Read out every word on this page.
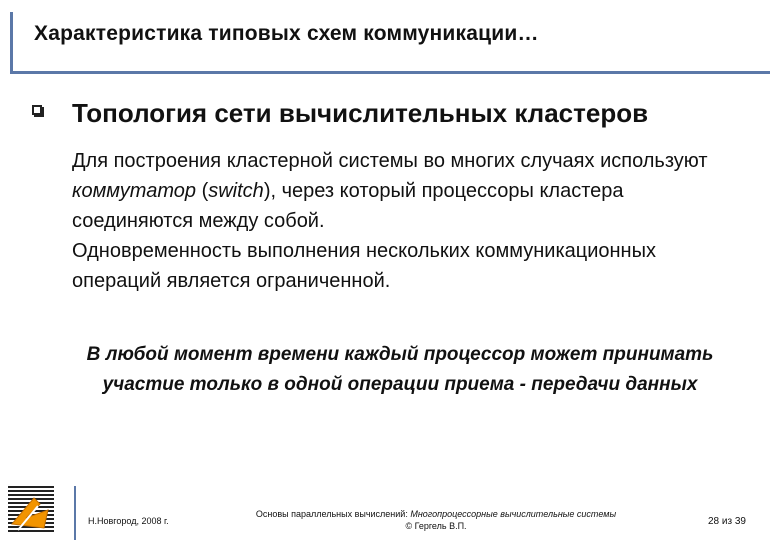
Характеристика типовых схем коммуникации…
Топология сети вычислительных кластеров

Для построения кластерной системы во многих случаях используют коммутатор (switch), через который процессоры кластера соединяются между собой.

Одновременность выполнения нескольких коммуникационных операций является ограниченной.

В любой момент времени каждый процессор может принимать
участие только в одной операции приема - передачи данных
Н.Новгород, 2008 г.
Основы параллельных вычислений: Многопроцессорные вычислительные системы
© Гергель В.П.	28 из 39
